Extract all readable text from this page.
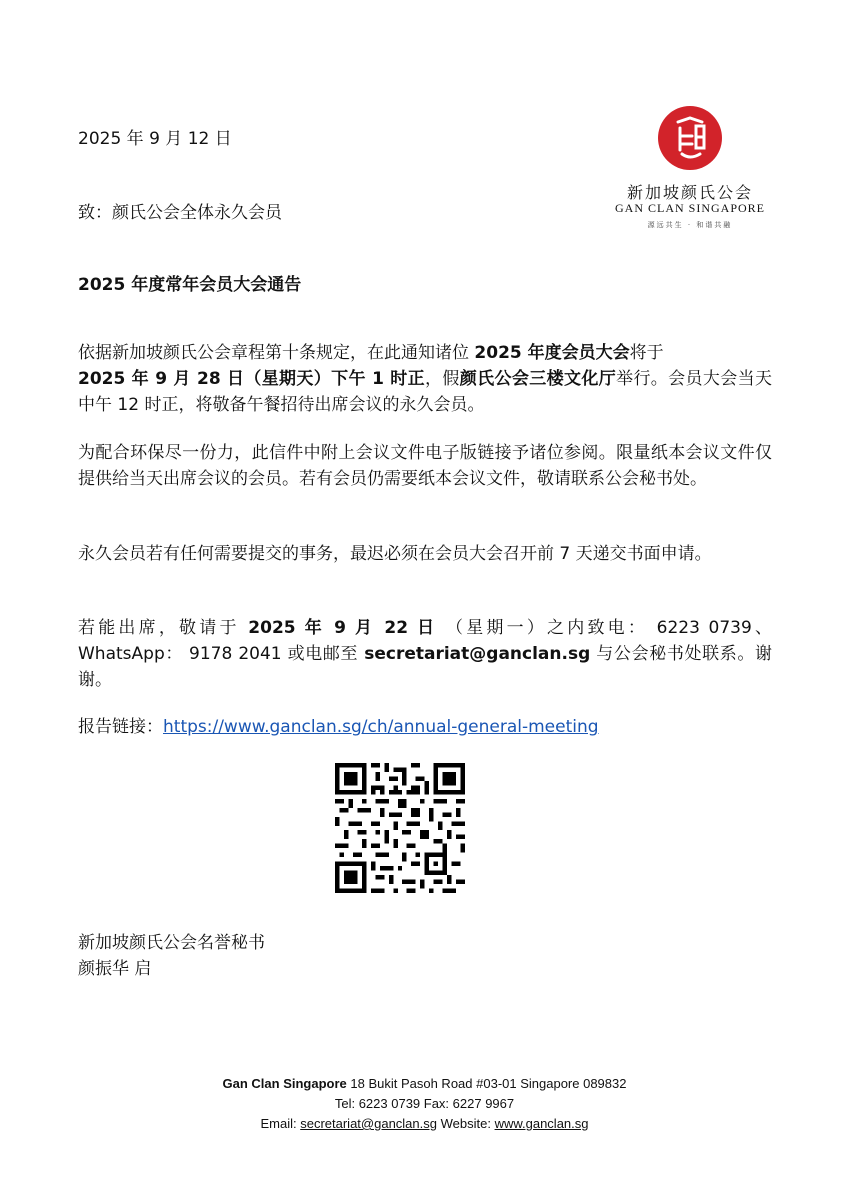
新加坡颜氏公会
GAN CLAN SINGAPORE
源远共生 · 和谐共融
2025 年 9 月 12 日
致：颜氏公会全体永久会员
2025 年度常年会员大会通告
依据新加坡颜氏公会章程第十条规定，在此通知诸位 2025 年度会员大会将于
2025 年 9 月 28 日（星期天）下午 1 时正，假颜氏公会三楼文化厅举行。会员大会当天中午 12 时正，将敬备午餐招待出席会议的永久会员。
为配合环保尽一份力，此信件中附上会议文件电子版链接予诸位参阅。限量纸本会议文件仅提供给当天出席会议的会员。若有会员仍需要纸本会议文件，敬请联系公会秘书处。
永久会员若有任何需要提交的事务，最迟必须在会员大会召开前 7 天递交书面申请。
若能出席，敬请于 2025 年 9 月 22 日 （星期一）之内致电： 6223 0739、WhatsApp： 9178 2041 或电邮至 secretariat@ganclan.sg 与公会秘书处联系。谢谢。
报告链接：https://www.ganclan.sg/ch/annual-general-meeting
新加坡颜氏公会名誉秘书
颜振华 启
Gan Clan Singapore 18 Bukit Pasoh Road #03-01 Singapore 089832
Tel: 6223 0739 Fax: 6227 9967
Email: secretariat@ganclan.sg Website: www.ganclan.sg
